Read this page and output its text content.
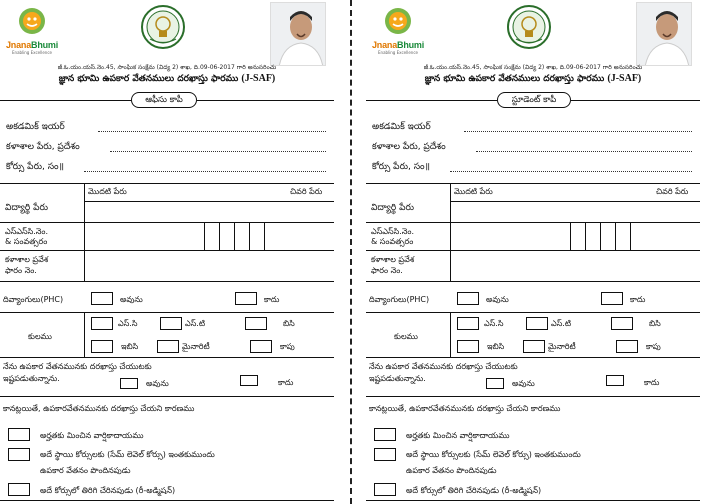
JnanaBhumi
Enabling Excellence
జీ.ఓ.యం.యస్.నెం.45, సాంఘిక సంక్షేమ (విద్య 2) శాఖ, ది.09-06-2017 గారి అనుసరించు
జ్ఞాన భూమి ఉపకార వేతనములు దరఖాస్తు ఫారము (J-SAF)
ఆఫీసు కాపీ
అకడమిక్ ఇయర్
కళాశాల పేరు, ప్రదేశం
కోర్సు పేరు, సం॥
మొదటి పేరు	చివరి పేరు
విద్యార్థి పేరు
ఎస్ఎస్‌సి.నెం.
& సంవత్సరం
కళాశాల ప్రవేశ
ఫారం నెం.
దివ్యాంగులు(PHC)	అవును	కాదు
కులము
ఎస్.సి	ఎస్.టి	బిసి
ఇబిసి	మైనారిటీ	కాపు
నేను ఉపకార వేతనమునకు దరఖాస్తు చేయుటకు
ఇష్టపడుతున్నాను.
అవును	కాదు
కానట్లయితే, ఉపకారవేతనమునకు దరఖాస్తు చేయని కారణము
అర్హతకు మించిన వార్షికాదాయము
అదే స్థాయి కోర్సులకు (సేమ్ లెవెల్ కోర్సు) ఇంతకుముందు
ఉపకార వేతనం పొందినపుడు
అదే కోర్సులో తిరిగి చేరినపుడు (రీ-అడ్మిషన్)
JnanaBhumi
Enabling Excellence
జీ.ఓ.యం.యస్.నెం.45, సాంఘిక సంక్షేమ (విద్య 2) శాఖ, ది.09-06-2017 గారి అనుసరించు
జ్ఞాన భూమి ఉపకార వేతనములు దరఖాస్తు ఫారము (J-SAF)
స్టూడెంట్ కాపీ
అకడమిక్ ఇయర్
కళాశాల పేరు, ప్రదేశం
కోర్సు పేరు, సం॥
మొదటి పేరు	చివరి పేరు
విద్యార్థి పేరు
ఎస్ఎస్‌సి.నెం.
& సంవత్సరం
కళాశాల ప్రవేశ
ఫారం నెం.
దివ్యాంగులు(PHC)	అవును	కాదు
కులము
ఎస్.సి	ఎస్.టి	బిసి
ఇబిసి	మైనారిటీ	కాపు
నేను ఉపకార వేతనమునకు దరఖాస్తు చేయుటకు
ఇష్టపడుతున్నాను.
అవును	కాదు
కానట్లయితే, ఉపకారవేతనమునకు దరఖాస్తు చేయని కారణము
అర్హతకు మించిన వార్షికాదాయము
అదే స్థాయి కోర్సులకు (సేమ్ లెవెల్ కోర్సు) ఇంతకుముందు
ఉపకార వేతనం పొందినపుడు
అదే కోర్సులో తిరిగి చేరినపుడు (రీ-అడ్మిషన్)
